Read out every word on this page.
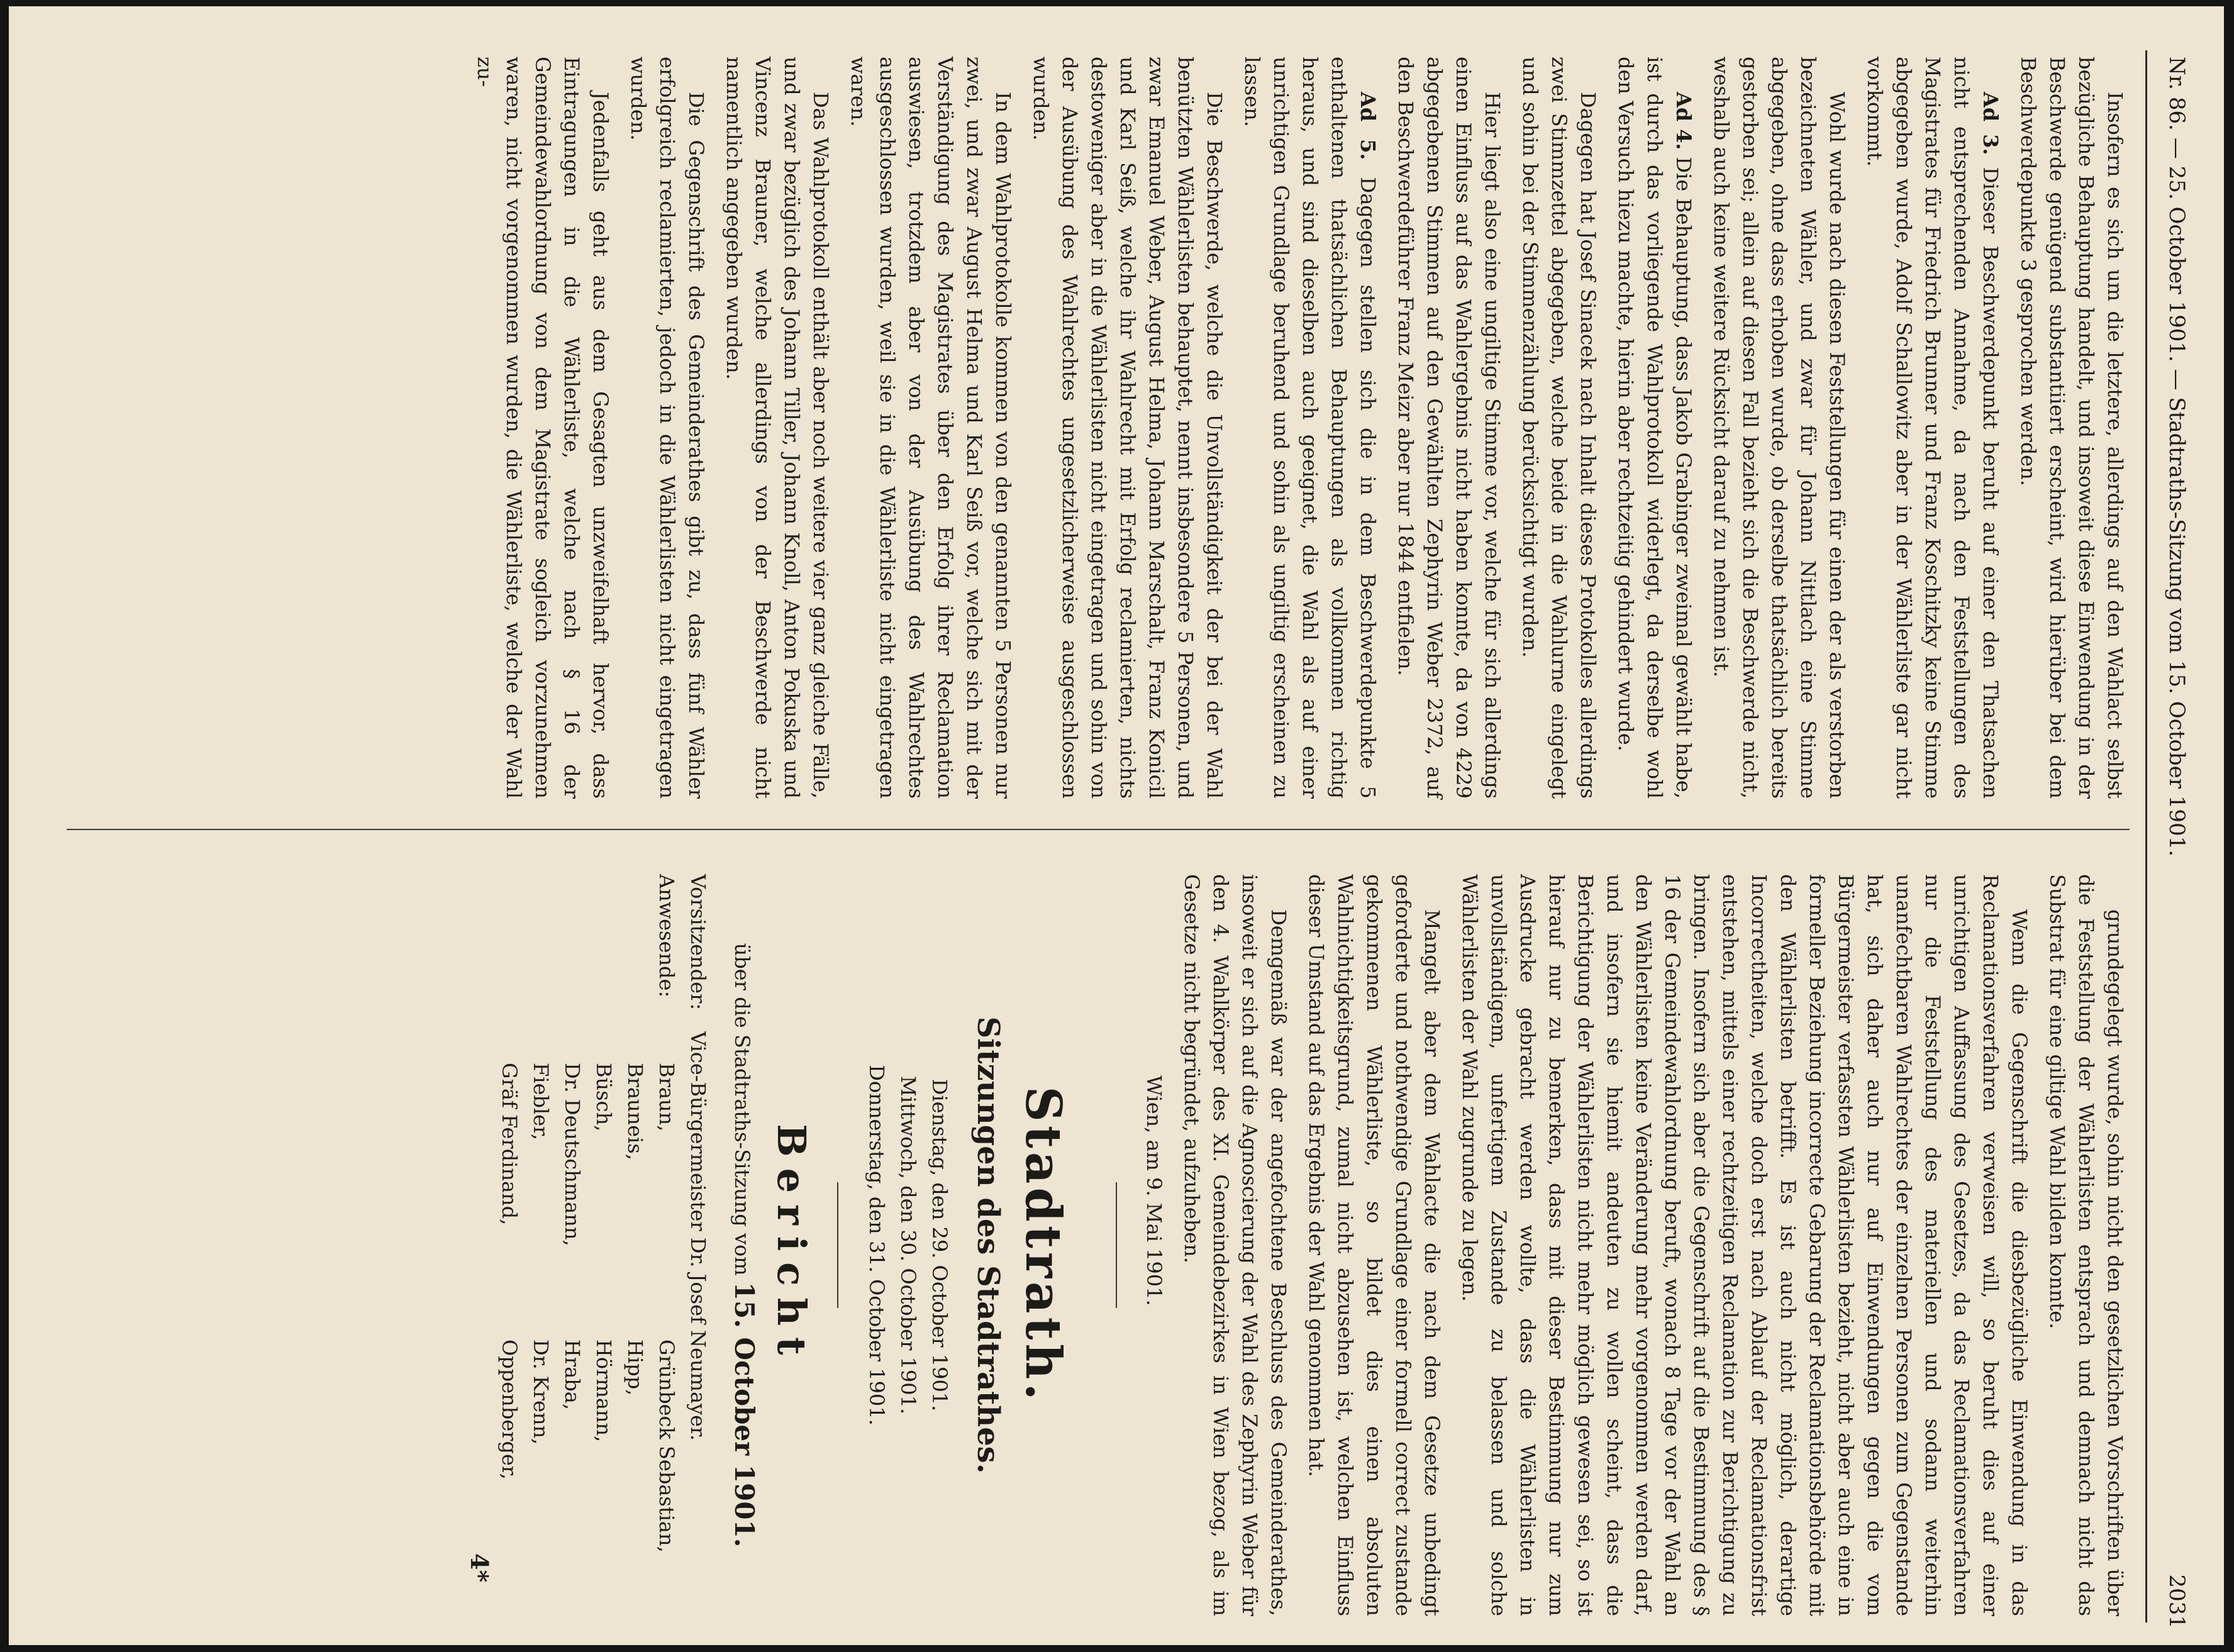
Nr. 86. — 25. October 1901. — Stadtraths-Sitzung vom 15. October 1901.
2031

Insofern es sich um die letztere, allerdings auf den Wahlact selbst bezügliche Behauptung handelt, und insoweit diese Einwendung in der Beschwerde genügend substantiiert erscheint, wird hierüber bei dem Beschwerdepunkte 3 gesprochen werden.

Ad 3. Dieser Beschwerdepunkt beruht auf einer den Thatsachen nicht entsprechenden Annahme, da nach den Feststellungen des Magistrates für Friedrich Brunner und Franz Koschitzky keine Stimme abgegeben wurde, Adolf Schallowitz aber in der Wählerliste gar nicht vorkommt.

Wohl wurde nach diesen Feststellungen für einen der als verstorben bezeichneten Wähler, und zwar für Johann Nittlach eine Stimme abgegeben, ohne dass erhoben wurde, ob derselbe thatsächlich bereits gestorben sei; allein auf diesen Fall bezieht sich die Beschwerde nicht, weshalb auch keine weitere Rücksicht darauf zu nehmen ist.

Ad 4. Die Behauptung, dass Jakob Grabinger zweimal gewählt habe, ist durch das vorliegende Wahlprotokoll widerlegt, da derselbe wohl den Versuch hiezu machte, hierin aber rechtzeitig gehindert wurde.

Dagegen hat Josef Sinacek nach Inhalt dieses Protokolles allerdings zwei Stimmzettel abgegeben, welche beide in die Wahlurne eingelegt und sohin bei der Stimmenzählung berücksichtigt wurden.

Hier liegt also eine ungiltige Stimme vor, welche für sich allerdings einen Einfluss auf das Wahlergebnis nicht haben konnte, da von 4229 abgegebenen Stimmen auf den Gewählten Zephyrin Weber 2372, auf den Beschwerdeführer Franz Meizr aber nur 1844 entfielen.

Ad 5. Dagegen stellen sich die in dem Beschwerdepunkte 5 enthaltenen thatsächlichen Behauptungen als vollkommen richtig heraus, und sind dieselben auch geeignet, die Wahl als auf einer unrichtigen Grundlage beruhend und sohin als ungiltig erscheinen zu lassen.

Die Beschwerde, welche die Unvollständigkeit der bei der Wahl benützten Wählerlisten behauptet, nennt insbesondere 5 Personen, und zwar Emanuel Weber, August Helma, Johann Marschalt, Franz Konicil und Karl Seiß, welche ihr Wahlrecht mit Erfolg reclamierten, nichts destoweniger aber in die Wählerlisten nicht eingetragen und sohin von der Ausübung des Wahlrechtes ungesetzlicherweise ausgeschlossen wurden.

In dem Wahlprotokolle kommen von den genannten 5 Personen nur zwei, und zwar August Helma und Karl Seiß vor, welche sich mit der Verständigung des Magistrates über den Erfolg ihrer Reclamation auswiesen, trotzdem aber von der Ausübung des Wahlrechtes ausgeschlossen wurden, weil sie in die Wählerliste nicht eingetragen waren.

Das Wahlprotokoll enthält aber noch weitere vier ganz gleiche Fälle, und zwar bezüglich des Johann Tiller, Johann Knoll, Anton Pokuska und Vincenz Brauner, welche allerdings von der Beschwerde nicht namentlich angegeben wurden.

Die Gegenschrift des Gemeinderathes gibt zu, dass fünf Wähler erfolgreich reclamierten, jedoch in die Wählerlisten nicht eingetragen wurden.

Jedenfalls geht aus dem Gesagten unzweifelhaft hervor, dass Eintragungen in die Wählerliste, welche nach § 16 der Gemeindewahlordnung von dem Magistrate sogleich vorzunehmen waren, nicht vorgenommen wurden, die Wählerliste, welche der Wahl zu-

grundegelegt wurde, sohin nicht den gesetzlichen Vorschriften über die Feststellung der Wählerlisten entsprach und demnach nicht das Substrat für eine giltige Wahl bilden konnte.

Wenn die Gegenschrift die diesbezügliche Einwendung in das Reclamationsverfahren verweisen will, so beruht dies auf einer unrichtigen Auffassung des Gesetzes, da das Reclamationsverfahren nur die Feststellung des materiellen und sodann weiterhin unanfechtbaren Wahlrechtes der einzelnen Personen zum Gegenstande hat, sich daher auch nur auf Einwendungen gegen die vom Bürgermeister verfassten Wählerlisten bezieht, nicht aber auch eine in formeller Beziehung incorrecte Gebarung der Reclamationsbehörde mit den Wählerlisten betrifft. Es ist auch nicht möglich, derartige Incorrectheiten, welche doch erst nach Ablauf der Reclamationsfrist entstehen, mittels einer rechtzeitigen Reclamation zur Berichtigung zu bringen. Insofern sich aber die Gegenschrift auf die Bestimmung des § 16 der Gemeindewahlordnung beruft, wonach 8 Tage vor der Wahl an den Wählerlisten keine Veränderung mehr vorgenommen werden darf, und insofern sie hiemit andeuten zu wollen scheint, dass die Berichtigung der Wählerlisten nicht mehr möglich gewesen sei, so ist hierauf nur zu bemerken, dass mit dieser Bestimmung nur zum Ausdrucke gebracht werden wollte, dass die Wählerlisten in unvollständigem, unfertigem Zustande zu belassen und solche Wählerlisten der Wahl zugrunde zu legen.

Mangelt aber dem Wahlacte die nach dem Gesetze unbedingt geforderte und nothwendige Grundlage einer formell correct zustande gekommenen Wählerliste, so bildet dies einen absoluten Wahlnichtigkeitsgrund, zumal nicht abzusehen ist, welchen Einfluss dieser Umstand auf das Ergebnis der Wahl genommen hat.

Demgemäß war der angefochtene Beschluss des Gemeinderathes, insoweit er sich auf die Agnoscierung der Wahl des Zephyrin Weber für den 4. Wahlkörper des XI. Gemeindebezirkes in Wien bezog, als im Gesetze nicht begründet, aufzuheben.

Wien, am 9. Mai 1901.

Stadtrath.
Sitzungen des Stadtrathes.

Dienstag, den 29. October 1901.

Mittwoch, den 30. October 1901.

Donnerstag, den 31. October 1901.

Bericht

über die Stadtraths-Sitzung vom 15. October 1901.

Vorsitzender:
Vice-Bürgermeister Dr. Josef Neumayer.
Anwesende:
Braun,
Grünbeck Sebastian,
Brauneis,
Hipp,
Büsch,
Hörmann,
Dr. Deutschmann,
Hraba,
Fiebler,
Dr. Krenn,
Gräf Ferdinand,
Oppenberger,
4*
